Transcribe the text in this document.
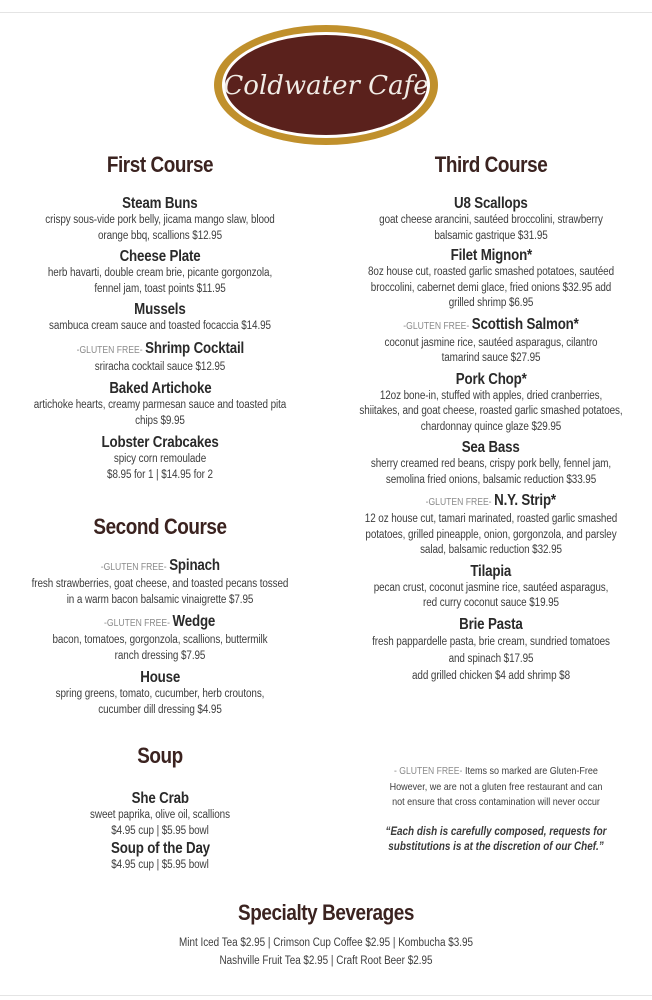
Coldwater Cafe
First Course
Steam Buns
crispy sous-vide pork belly, jicama mango slaw, blood
orange bbq, scallions $12.95
Cheese Plate
herb havarti, double cream brie, picante gorgonzola,
fennel jam, toast points $11.95
Mussels
sambuca cream sauce and toasted focaccia $14.95
-GLUTEN FREE- Shrimp Cocktail
sriracha cocktail sauce $12.95
Baked Artichoke
artichoke hearts, creamy parmesan sauce and toasted pita
chips $9.95
Lobster Crabcakes
spicy corn remoulade
$8.95 for 1 | $14.95 for 2
Second Course
-GLUTEN FREE- Spinach
fresh strawberries, goat cheese, and toasted pecans tossed
in a warm bacon balsamic vinaigrette $7.95
-GLUTEN FREE- Wedge
bacon, tomatoes, gorgonzola, scallions, buttermilk
ranch dressing $7.95
House
spring greens, tomato, cucumber, herb croutons,
cucumber dill dressing $4.95
Soup
She Crab
sweet paprika, olive oil, scallions
$4.95 cup | $5.95 bowl
Soup of the Day
$4.95 cup | $5.95 bowl
Third Course
U8 Scallops
goat cheese arancini, sautéed broccolini, strawberry
balsamic gastrique $31.95
Filet Mignon*
8oz house cut, roasted garlic smashed potatoes, sautéed
broccolini, cabernet demi glace, fried onions $32.95 add
grilled shrimp $6.95
-GLUTEN FREE- Scottish Salmon*
coconut jasmine rice, sautéed asparagus, cilantro
tamarind sauce $27.95
Pork Chop*
12oz bone-in, stuffed with apples, dried cranberries,
shiitakes, and goat cheese, roasted garlic smashed potatoes,
chardonnay quince glaze $29.95
Sea Bass
sherry creamed red beans, crispy pork belly, fennel jam,
semolina fried onions, balsamic reduction $33.95
-GLUTEN FREE- N.Y. Strip*
12 oz house cut, tamari marinated, roasted garlic smashed
potatoes, grilled pineapple, onion, gorgonzola, and parsley
salad, balsamic reduction $32.95
Tilapia
pecan crust, coconut jasmine rice, sautéed asparagus,
red curry coconut sauce $19.95
Brie Pasta
fresh pappardelle pasta, brie cream, sundried tomatoes
and spinach $17.95
add grilled chicken $4 add shrimp $8
- GLUTEN FREE- Items so marked are Gluten-Free
However, we are not a gluten free restaurant and can
not ensure that cross contamination will never occur
“Each dish is carefully composed, requests for
substitutions is at the discretion of our Chef.”
Specialty Beverages
Mint Iced Tea $2.95 | Crimson Cup Coffee $2.95 | Kombucha $3.95
Nashville Fruit Tea $2.95 | Craft Root Beer $2.95
